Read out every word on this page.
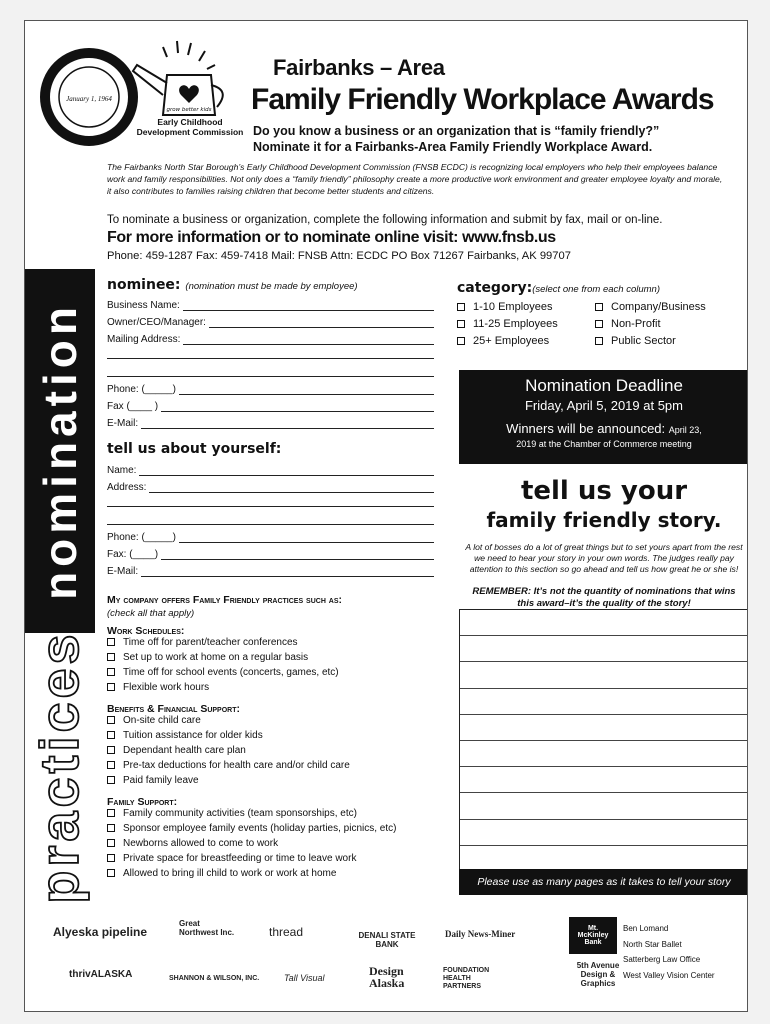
January 1, 1964
grow better kids
Early Childhood Development Commission
Fairbanks – Area
Family Friendly Workplace Awards
Do you know a business or an organization that is “family friendly?” Nominate it for a Fairbanks-Area Family Friendly Workplace Award.
The Fairbanks North Star Borough’s Early Childhood Development Commission (FNSB ECDC) is recognizing local employers who help their employees balance work and family responsibilities. Not only does a “family friendly” philosophy create a more productive work environment and greater employee loyalty and morale, it also contributes to families raising children that become better students and citizens.
To nominate a business or organization, complete the following information and submit by fax, mail or on-line.
For more information or to nominate online visit: www.fnsb.us
Phone: 459-1287 Fax: 459-7418 Mail: FNSB Attn: ECDC PO Box 71267 Fairbanks, AK 99707
nomination
practices
nominee: (nomination must be made by employee)
Business Name:
Owner/CEO/Manager:
Mailing Address:
Phone: (_____)
Fax (____ )
E-Mail:
tell us about yourself:
Name:
Address:
Phone: (_____)
Fax: (____)
E-Mail:
category:(select one from each column)
1-10 Employees
11-25 Employees
25+ Employees
Company/Business
Non-Profit
Public Sector
Nomination Deadline
Friday, April 5, 2019 at 5pm
Winners will be announced: April 23,
2019 at the Chamber of Commerce meeting
tell us your
family friendly story.
A lot of bosses do a lot of great things but to set yours apart from the rest we need to hear your story in your own words. The judges really pay attention to this section so go ahead and tell us how great he or she is!
REMEMBER: It’s not the quantity of nominations that wins this award–it’s the quality of the story!
Please use as many pages as it takes to tell your story
My company offers Family Friendly practices such as:
(check all that apply)
Work Schedules:
Time off for parent/teacher conferences
Set up to work at home on a regular basis
Time off for school events (concerts, games, etc)
Flexible work hours
Benefits & Financial Support:
On-site child care
Tuition assistance for older kids
Dependant health care plan
Pre-tax deductions for health care and/or child care
Paid family leave
Family Support:
Family community activities (team sponsorships, etc)
Sponsor employee family events (holiday parties, picnics, etc)
Newborns allowed to come to work
Private space for breastfeeding or time to leave work
Allowed to bring ill child to work or work at home
Alyeska pipeline
Great Northwest Inc.	thread	DENALI STATE BANK
Daily News-Miner
Mt. McKinley Bank
thrivALASKA	SHANNON & WILSON, INC.	Tall Visual	Design Alaska
FOUNDATION HEALTH PARTNERS
5th Avenue Design & Graphics
Ben Lomand
North Star Ballet
Satterberg Law Office
West Valley Vision Center
